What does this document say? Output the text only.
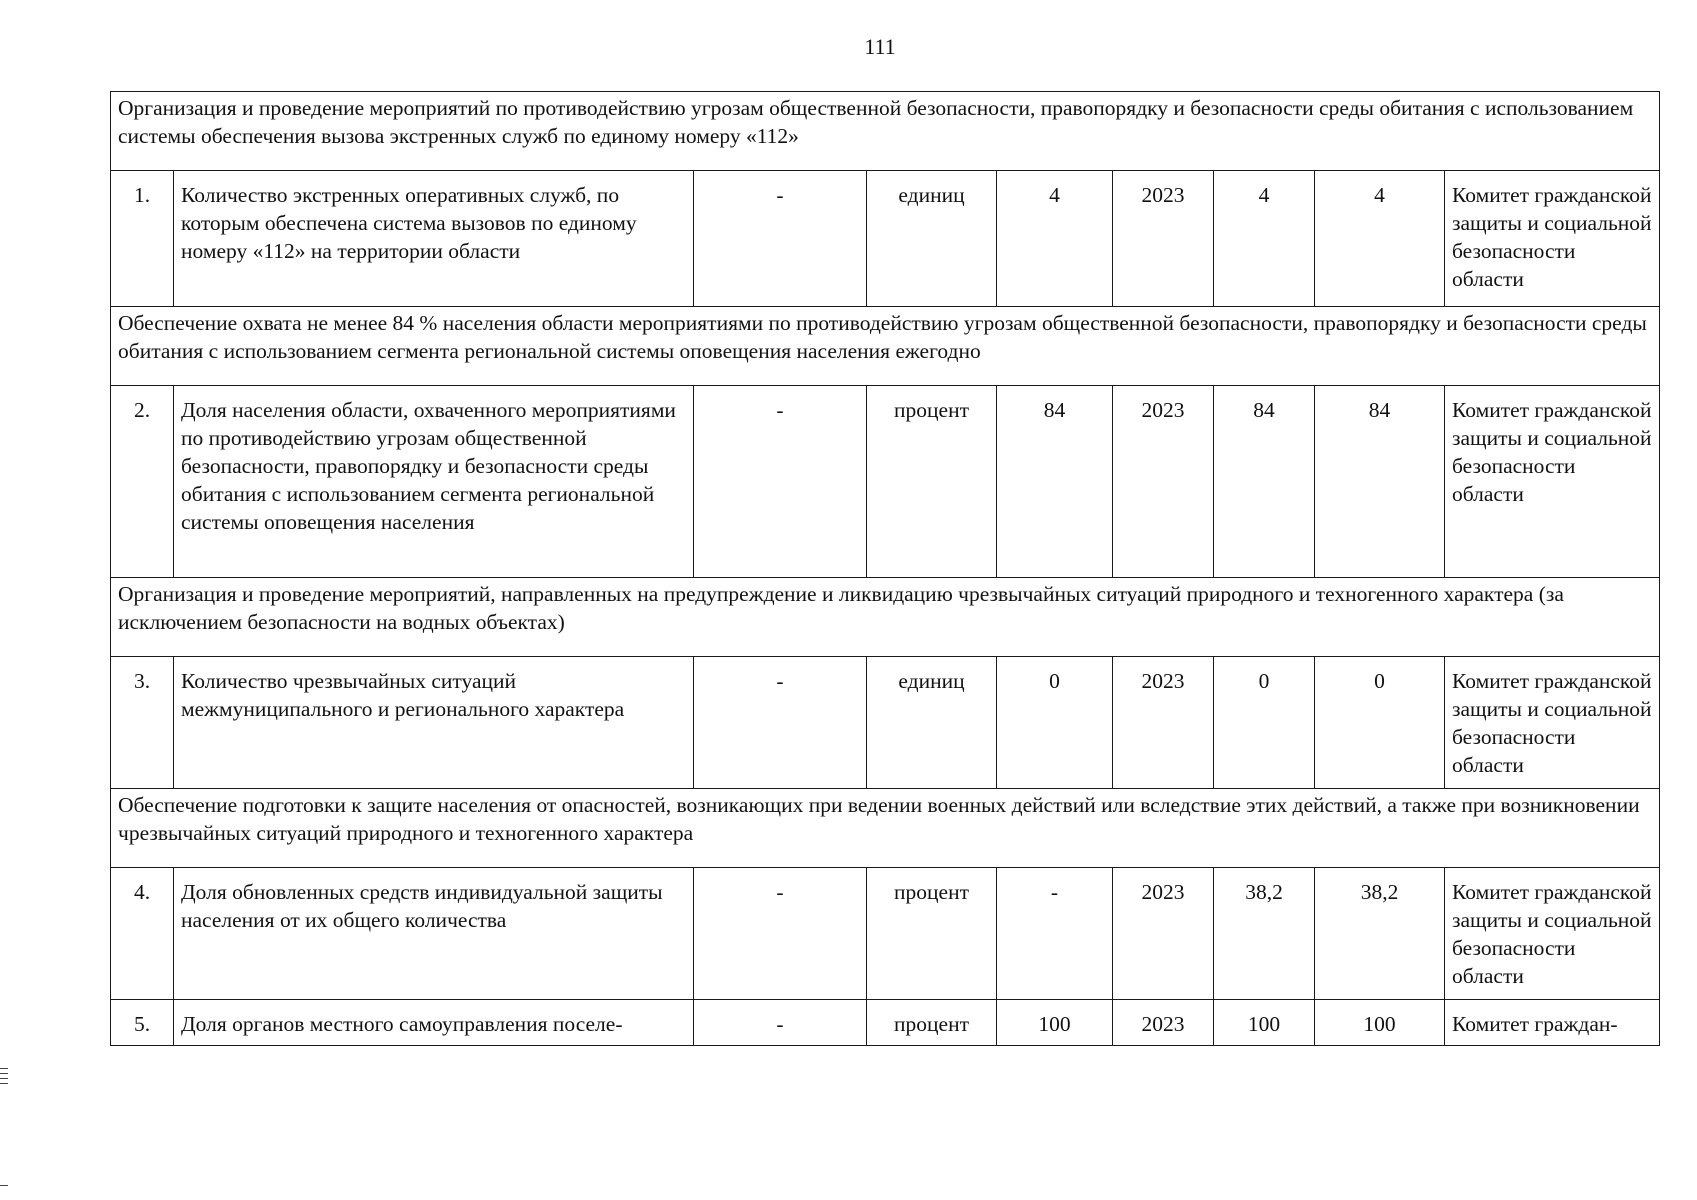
111
Организация и проведение мероприятий по противодействию угрозам общественной безопасности, правопорядку и безопасности среды обитания с использованием системы обеспечения вызова экстренных служб по единому номеру «112»								
1.	Количество экстренных оперативных служб, по которым обеспечена система вызовов по единому номеру «112» на территории области	-	единиц	4	2023	4	4	Комитет гражданской защиты и социальной безопасности области
Обеспечение охвата не менее 84 % населения области мероприятиями по противодействию угрозам общественной безопасности, правопорядку и безопасности среды обитания с использованием сегмента региональной системы оповещения населения ежегодно								
2.	Доля населения области, охваченного мероприятиями по противодействию угрозам общественной безопасности, правопорядку и безопасности среды обитания с использованием сегмента региональной системы оповещения населения	-	процент	84	2023	84	84	Комитет гражданской защиты и социальной безопасности области
Организация и проведение мероприятий, направленных на предупреждение и ликвидацию чрезвычайных ситуаций природного и техногенного характера (за исключением безопасности на водных объектах)								
3.	Количество чрезвычайных ситуаций межмуниципального и регионального характера	-	единиц	0	2023	0	0	Комитет гражданской защиты и социальной безопасности области
Обеспечение подготовки к защите населения от опасностей, возникающих при ведении военных действий или вследствие этих действий, а также при возникновении чрезвычайных ситуаций природного и техногенного характера								
4.	Доля обновленных средств индивидуальной защиты населения от их общего количества	-	процент	-	2023	38,2	38,2	Комитет гражданской защиты и социальной безопасности области
5.	Доля органов местного самоуправления поселе-	-	процент	100	2023	100	100	Комитет граждан-
